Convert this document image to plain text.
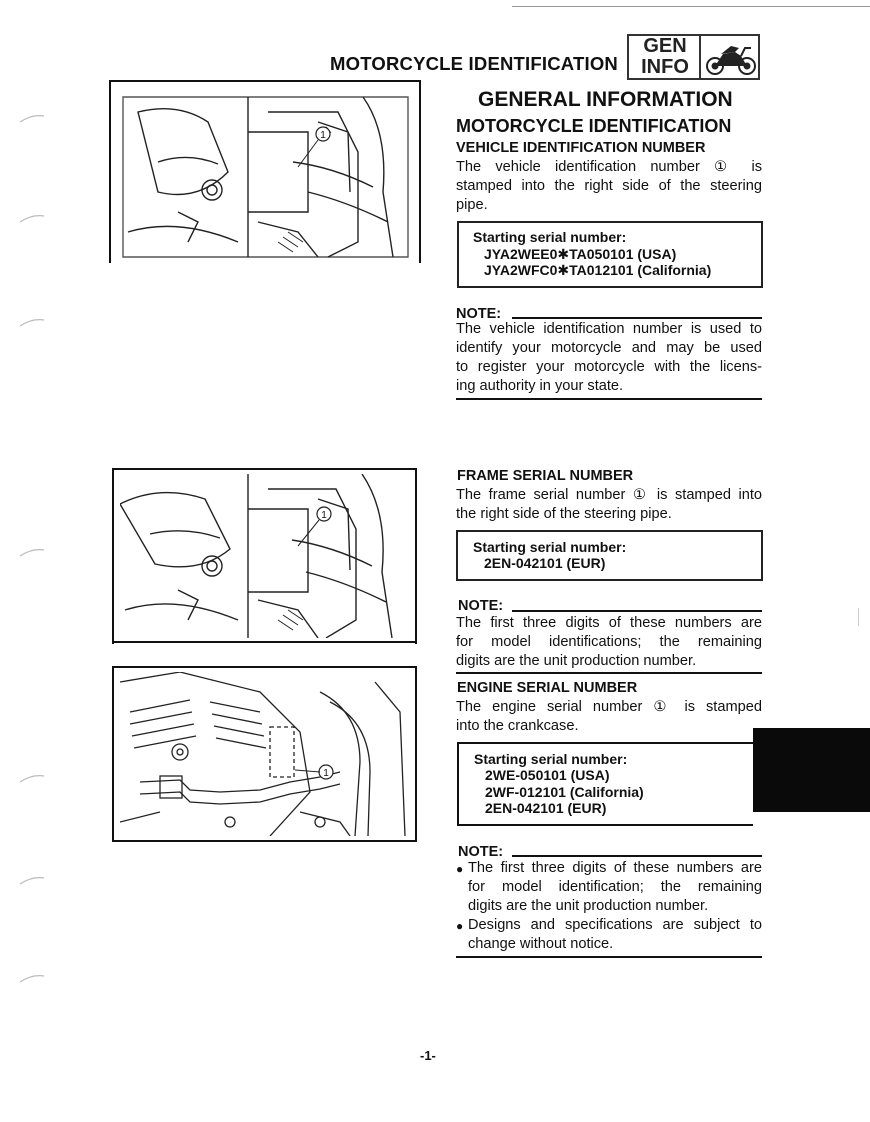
MOTORCYCLE IDENTIFICATION
GEN
INFO
1
1
1
GENERAL INFORMATION
MOTORCYCLE IDENTIFICATION
VEHICLE IDENTIFICATION NUMBER
The vehicle identification number ① is
stamped into the right side of the steering
pipe.
Starting serial number:
JYA2WEE0✱TA050101 (USA)
JYA2WFC0✱TA012101 (California)
NOTE:
The vehicle identification number is used to
identify your motorcycle and may be used
to register your motorcycle with the licens-
ing authority in your state.
FRAME SERIAL NUMBER
The frame serial number ① is stamped into
the right side of the steering pipe.
Starting serial number:
2EN-042101 (EUR)
NOTE:
The first three digits of these numbers are
for model identifications; the remaining
digits are the unit production number.
ENGINE SERIAL NUMBER
The engine serial number ① is stamped
into the crankcase.
Starting serial number:
2WE-050101 (USA)
2WF-012101 (California)
2EN-042101 (EUR)
NOTE:
● The first three digits of these numbers are
for model identification; the remaining
digits are the unit production number.
● Designs and specifications are subject to
change without notice.
-1-
